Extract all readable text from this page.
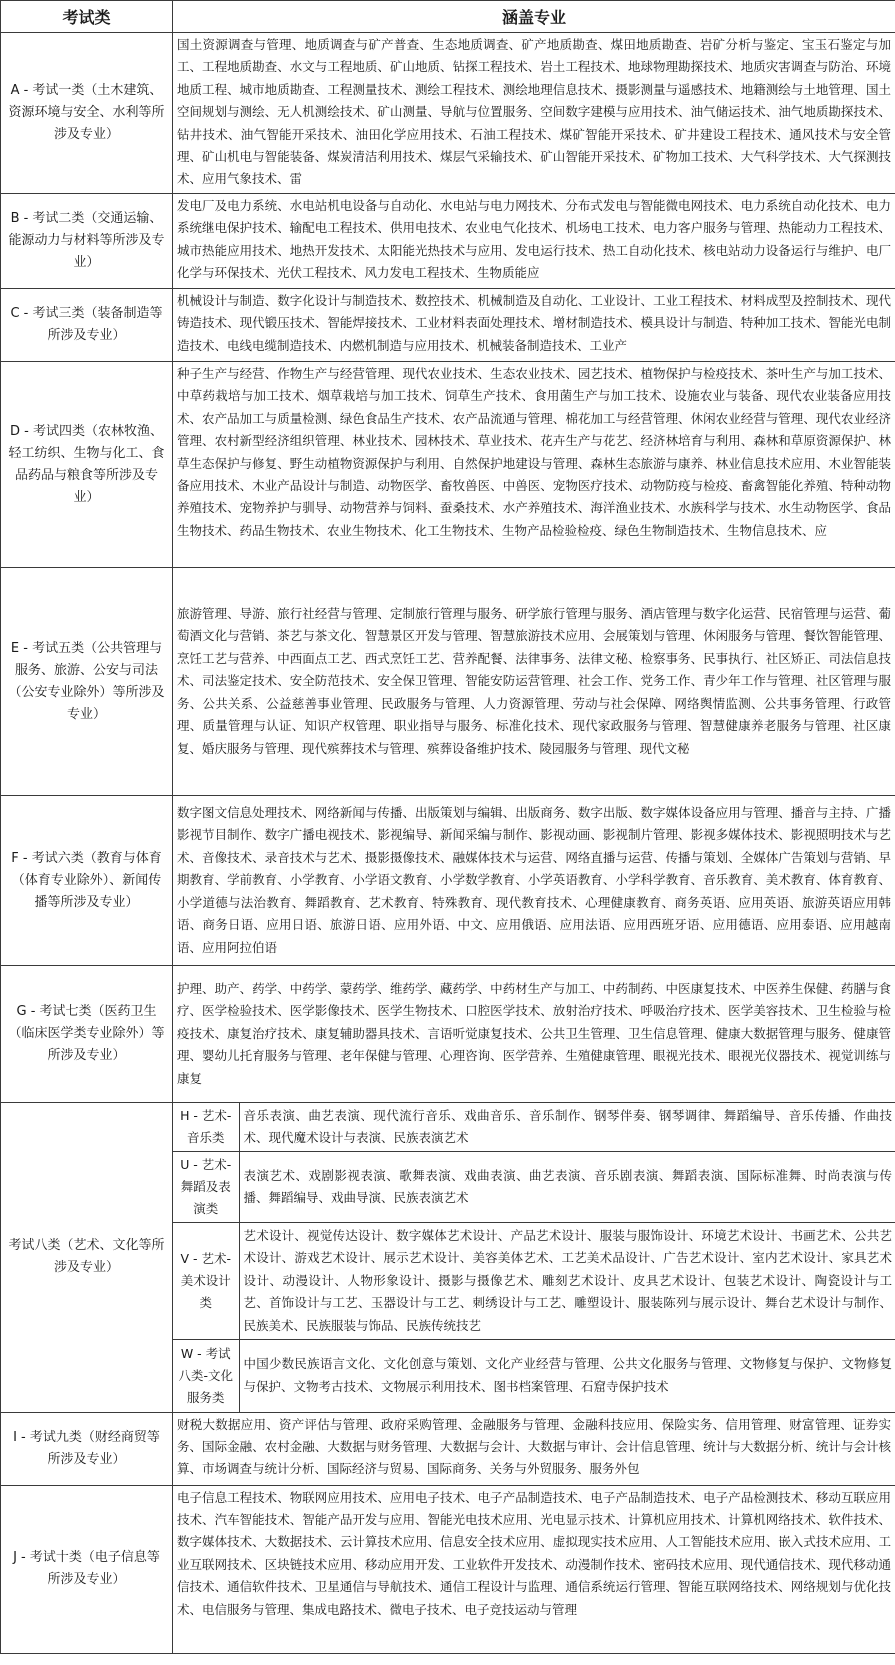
考试类	涵盖专业
A - 考试一类（土木建筑、资源环境与安全、水利等所涉及专业）	
国土资源调查与管理、地质调查与矿产普查、生态地质调查、矿产地质勘查、煤田地质勘查、岩矿分析与鉴定、宝玉石鉴定与加工、工程地质勘查、水文与工程地质、矿山地质、钻探工程技术、岩土工程技术、地球物理勘探技术、地质灾害调查与防治、环境地质工程、城市地质勘查、工程测量技术、测绘工程技术、测绘地理信息技术、摄影测量与遥感技术、地籍测绘与土地管理、国土空间规划与测绘、无人机测绘技术、矿山测量、导航与位置服务、空间数字建模与应用技术、油气储运技术、油气地质勘探技术、钻井技术、油气智能开采技术、油田化学应用技术、石油工程技术、煤矿智能开采技术、矿井建设工程技术、通风技术与安全管理、矿山机电与智能装备、煤炭清洁利用技术、煤层气采输技术、矿山智能开采技术、矿物加工技术、大气科学技术、大气探测技术、应用气象技术、雷

B - 考试二类（交通运输、能源动力与材料等所涉及专业）	
发电厂及电力系统、水电站机电设备与自动化、水电站与电力网技术、分布式发电与智能微电网技术、电力系统自动化技术、电力系统继电保护技术、输配电工程技术、供用电技术、农业电气化技术、机场电工技术、电力客户服务与管理、热能动力工程技术、城市热能应用技术、地热开发技术、太阳能光热技术与应用、发电运行技术、热工自动化技术、核电站动力设备运行与维护、电厂化学与环保技术、光伏工程技术、风力发电工程技术、生物质能应

C - 考试三类（装备制造等所涉及专业）	
机械设计与制造、数字化设计与制造技术、数控技术、机械制造及自动化、工业设计、工业工程技术、材料成型及控制技术、现代铸造技术、现代锻压技术、智能焊接技术、工业材料表面处理技术、增材制造技术、模具设计与制造、特种加工技术、智能光电制造技术、电线电缆制造技术、内燃机制造与应用技术、机械装备制造技术、工业产

D - 考试四类（农林牧渔、轻工纺织、生物与化工、食品药品与粮食等所涉及专业）	
种子生产与经营、作物生产与经营管理、现代农业技术、生态农业技术、园艺技术、植物保护与检疫技术、茶叶生产与加工技术、中草药栽培与加工技术、烟草栽培与加工技术、饲草生产技术、食用菌生产与加工技术、设施农业与装备、现代农业装备应用技术、农产品加工与质量检测、绿色食品生产技术、农产品流通与管理、棉花加工与经营管理、休闲农业经营与管理、现代农业经济管理、农村新型经济组织管理、林业技术、园林技术、草业技术、花卉生产与花艺、经济林培育与利用、森林和草原资源保护、林草生态保护与修复、野生动植物资源保护与利用、自然保护地建设与管理、森林生态旅游与康养、林业信息技术应用、木业智能装备应用技术、木业产品设计与制造、动物医学、畜牧兽医、中兽医、宠物医疗技术、动物防疫与检疫、畜禽智能化养殖、特种动物养殖技术、宠物养护与驯导、动物营养与饲料、蚕桑技术、水产养殖技术、海洋渔业技术、水族科学与技术、水生动物医学、食品生物技术、药品生物技术、农业生物技术、化工生物技术、生物产品检验检疫、绿色生物制造技术、生物信息技术、应

E - 考试五类（公共管理与服务、旅游、公安与司法（公安专业除外）等所涉及专业）	
旅游管理、导游、旅行社经营与管理、定制旅行管理与服务、研学旅行管理与服务、酒店管理与数字化运营、民宿管理与运营、葡萄酒文化与营销、茶艺与茶文化、智慧景区开发与管理、智慧旅游技术应用、会展策划与管理、休闲服务与管理、餐饮智能管理、烹饪工艺与营养、中西面点工艺、西式烹饪工艺、营养配餐、法律事务、法律文秘、检察事务、民事执行、社区矫正、司法信息技术、司法鉴定技术、安全防范技术、安全保卫管理、智能安防运营管理、社会工作、党务工作、青少年工作与管理、社区管理与服务、公共关系、公益慈善事业管理、民政服务与管理、人力资源管理、劳动与社会保障、网络舆情监测、公共事务管理、行政管理、质量管理与认证、知识产权管理、职业指导与服务、标准化技术、现代家政服务与管理、智慧健康养老服务与管理、社区康复、婚庆服务与管理、现代殡葬技术与管理、殡葬设备维护技术、陵园服务与管理、现代文秘

F - 考试六类（教育与体育（体育专业除外）、新闻传播等所涉及专业）	
数字图文信息处理技术、网络新闻与传播、出版策划与编辑、出版商务、数字出版、数字媒体设备应用与管理、播音与主持、广播影视节目制作、数字广播电视技术、影视编导、新闻采编与制作、影视动画、影视制片管理、影视多媒体技术、影视照明技术与艺术、音像技术、录音技术与艺术、摄影摄像技术、融媒体技术与运营、网络直播与运营、传播与策划、全媒体广告策划与营销、早期教育、学前教育、小学教育、小学语文教育、小学数学教育、小学英语教育、小学科学教育、音乐教育、美术教育、体育教育、小学道德与法治教育、舞蹈教育、艺术教育、特殊教育、现代教育技术、心理健康教育、商务英语、应用英语、旅游英语应用韩语、商务日语、应用日语、旅游日语、应用外语、中文、应用俄语、应用法语、应用西班牙语、应用德语、应用泰语、应用越南语、应用阿拉伯语

G - 考试七类（医药卫生（临床医学类专业除外）等所涉及专业）	
护理、助产、药学、中药学、蒙药学、维药学、藏药学、中药材生产与加工、中药制药、中医康复技术、中医养生保健、药膳与食疗、医学检验技术、医学影像技术、医学生物技术、口腔医学技术、放射治疗技术、呼吸治疗技术、医学美容技术、卫生检验与检疫技术、康复治疗技术、康复辅助器具技术、言语听觉康复技术、公共卫生管理、卫生信息管理、健康大数据管理与服务、健康管理、婴幼儿托育服务与管理、老年保健与管理、心理咨询、医学营养、生殖健康管理、眼视光技术、眼视光仪器技术、视觉训练与康复

考试八类（艺术、文化等所涉及专业）	
H - 艺术-音乐类	音乐表演、曲艺表演、现代流行音乐、戏曲音乐、音乐制作、钢琴伴奏、钢琴调律、舞蹈编导、音乐传播、作曲技术、现代魔术设计与表演、民族表演艺术
U - 艺术-舞蹈及表演类	表演艺术、戏剧影视表演、歌舞表演、戏曲表演、曲艺表演、音乐剧表演、舞蹈表演、国际标准舞、时尚表演与传播、舞蹈编导、戏曲导演、民族表演艺术
V - 艺术-美术设计类	艺术设计、视觉传达设计、数字媒体艺术设计、产品艺术设计、服装与服饰设计、环境艺术设计、书画艺术、公共艺术设计、游戏艺术设计、展示艺术设计、美容美体艺术、工艺美术品设计、广告艺术设计、室内艺术设计、家具艺术设计、动漫设计、人物形象设计、摄影与摄像艺术、雕刻艺术设计、皮具艺术设计、包装艺术设计、陶瓷设计与工艺、首饰设计与工艺、玉器设计与工艺、刺绣设计与工艺、雕塑设计、服装陈列与展示设计、舞台艺术设计与制作、民族美术、民族服装与饰品、民族传统技艺
W - 考试八类-文化服务类	中国少数民族语言文化、文化创意与策划、文化产业经营与管理、公共文化服务与管理、文物修复与保护、文物修复与保护、文物考古技术、文物展示利用技术、图书档案管理、石窟寺保护技术

I - 考试九类（财经商贸等所涉及专业）	
财税大数据应用、资产评估与管理、政府采购管理、金融服务与管理、金融科技应用、保险实务、信用管理、财富管理、证券实务、国际金融、农村金融、大数据与财务管理、大数据与会计、大数据与审计、会计信息管理、统计与大数据分析、统计与会计核算、市场调查与统计分析、国际经济与贸易、国际商务、关务与外贸服务、服务外包

J - 考试十类（电子信息等所涉及专业）	
电子信息工程技术、物联网应用技术、应用电子技术、电子产品制造技术、电子产品制造技术、电子产品检测技术、移动互联应用技术、汽车智能技术、智能产品开发与应用、智能光电技术应用、光电显示技术、计算机应用技术、计算机网络技术、软件技术、数字媒体技术、大数据技术、云计算技术应用、信息安全技术应用、虚拟现实技术应用、人工智能技术应用、嵌入式技术应用、工业互联网技术、区块链技术应用、移动应用开发、工业软件开发技术、动漫制作技术、密码技术应用、现代通信技术、现代移动通信技术、通信软件技术、卫星通信与导航技术、通信工程设计与监理、通信系统运行管理、智能互联网络技术、网络规划与优化技术、电信服务与管理、集成电路技术、微电子技术、电子竞技运动与管理
